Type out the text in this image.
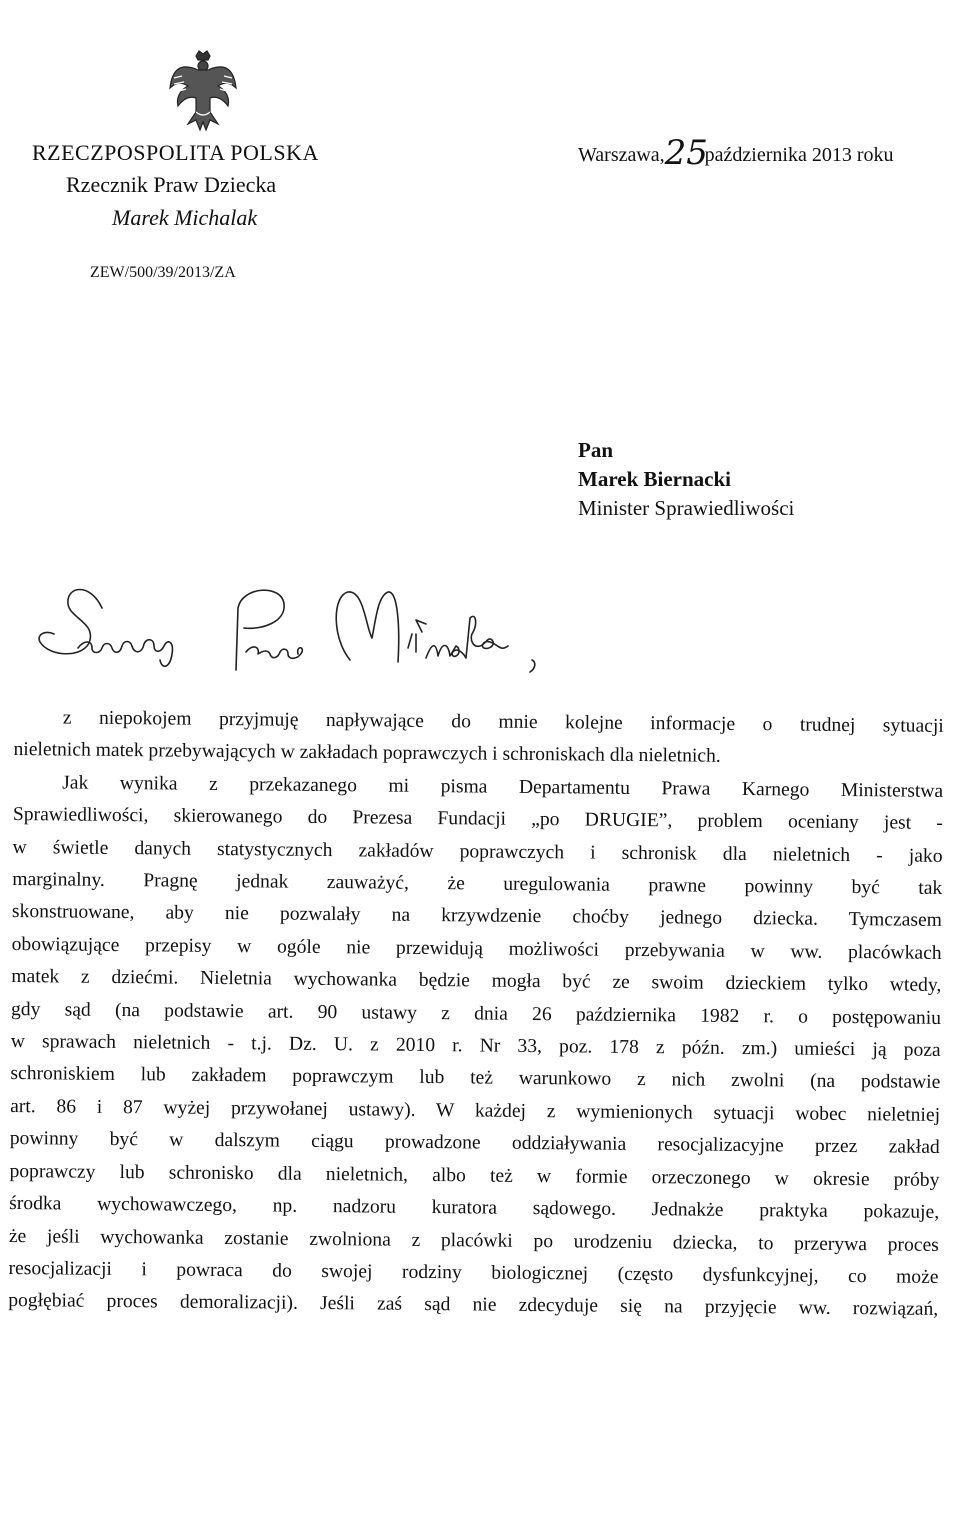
RZECZPOSPOLITA POLSKA
Rzecznik Praw Dziecka
Marek Michalak
ZEW/500/39/2013/ZA
Warszawa,25października 2013 roku
Pan
Marek Biernacki
Minister Sprawiedliwości
z niepokojem przyjmuję napływające do mnie kolejne informacje o trudnej sytuacji
nieletnich matek przebywających w zakładach poprawczych i schroniskach dla nieletnich.
Jak wynika z przekazanego mi pisma Departamentu Prawa Karnego Ministerstwa
Sprawiedliwości, skierowanego do Prezesa Fundacji „po DRUGIE”, problem oceniany jest -
w świetle danych statystycznych zakładów poprawczych i schronisk dla nieletnich - jako
marginalny. Pragnę jednak zauważyć, że uregulowania prawne powinny być tak
skonstruowane, aby nie pozwalały na krzywdzenie choćby jednego dziecka. Tymczasem
obowiązujące przepisy w ogóle nie przewidują możliwości przebywania w ww. placówkach
matek z dziećmi. Nieletnia wychowanka będzie mogła być ze swoim dzieckiem tylko wtedy,
gdy sąd (na podstawie art. 90 ustawy z dnia 26 października 1982 r. o postępowaniu
w sprawach nieletnich - t.j. Dz. U. z 2010 r. Nr 33, poz. 178 z późn. zm.) umieści ją poza
schroniskiem lub zakładem poprawczym lub też warunkowo z nich zwolni (na podstawie
art. 86 i 87 wyżej przywołanej ustawy). W każdej z wymienionych sytuacji wobec nieletniej
powinny być w dalszym ciągu prowadzone oddziaływania resocjalizacyjne przez zakład
poprawczy lub schronisko dla nieletnich, albo też w formie orzeczonego w okresie próby
środka wychowawczego, np. nadzoru kuratora sądowego. Jednakże praktyka pokazuje,
że jeśli wychowanka zostanie zwolniona z placówki po urodzeniu dziecka, to przerywa proces
resocjalizacji i powraca do swojej rodziny biologicznej (często dysfunkcyjnej, co może
pogłębiać proces demoralizacji). Jeśli zaś sąd nie zdecyduje się na przyjęcie ww. rozwiązań,
